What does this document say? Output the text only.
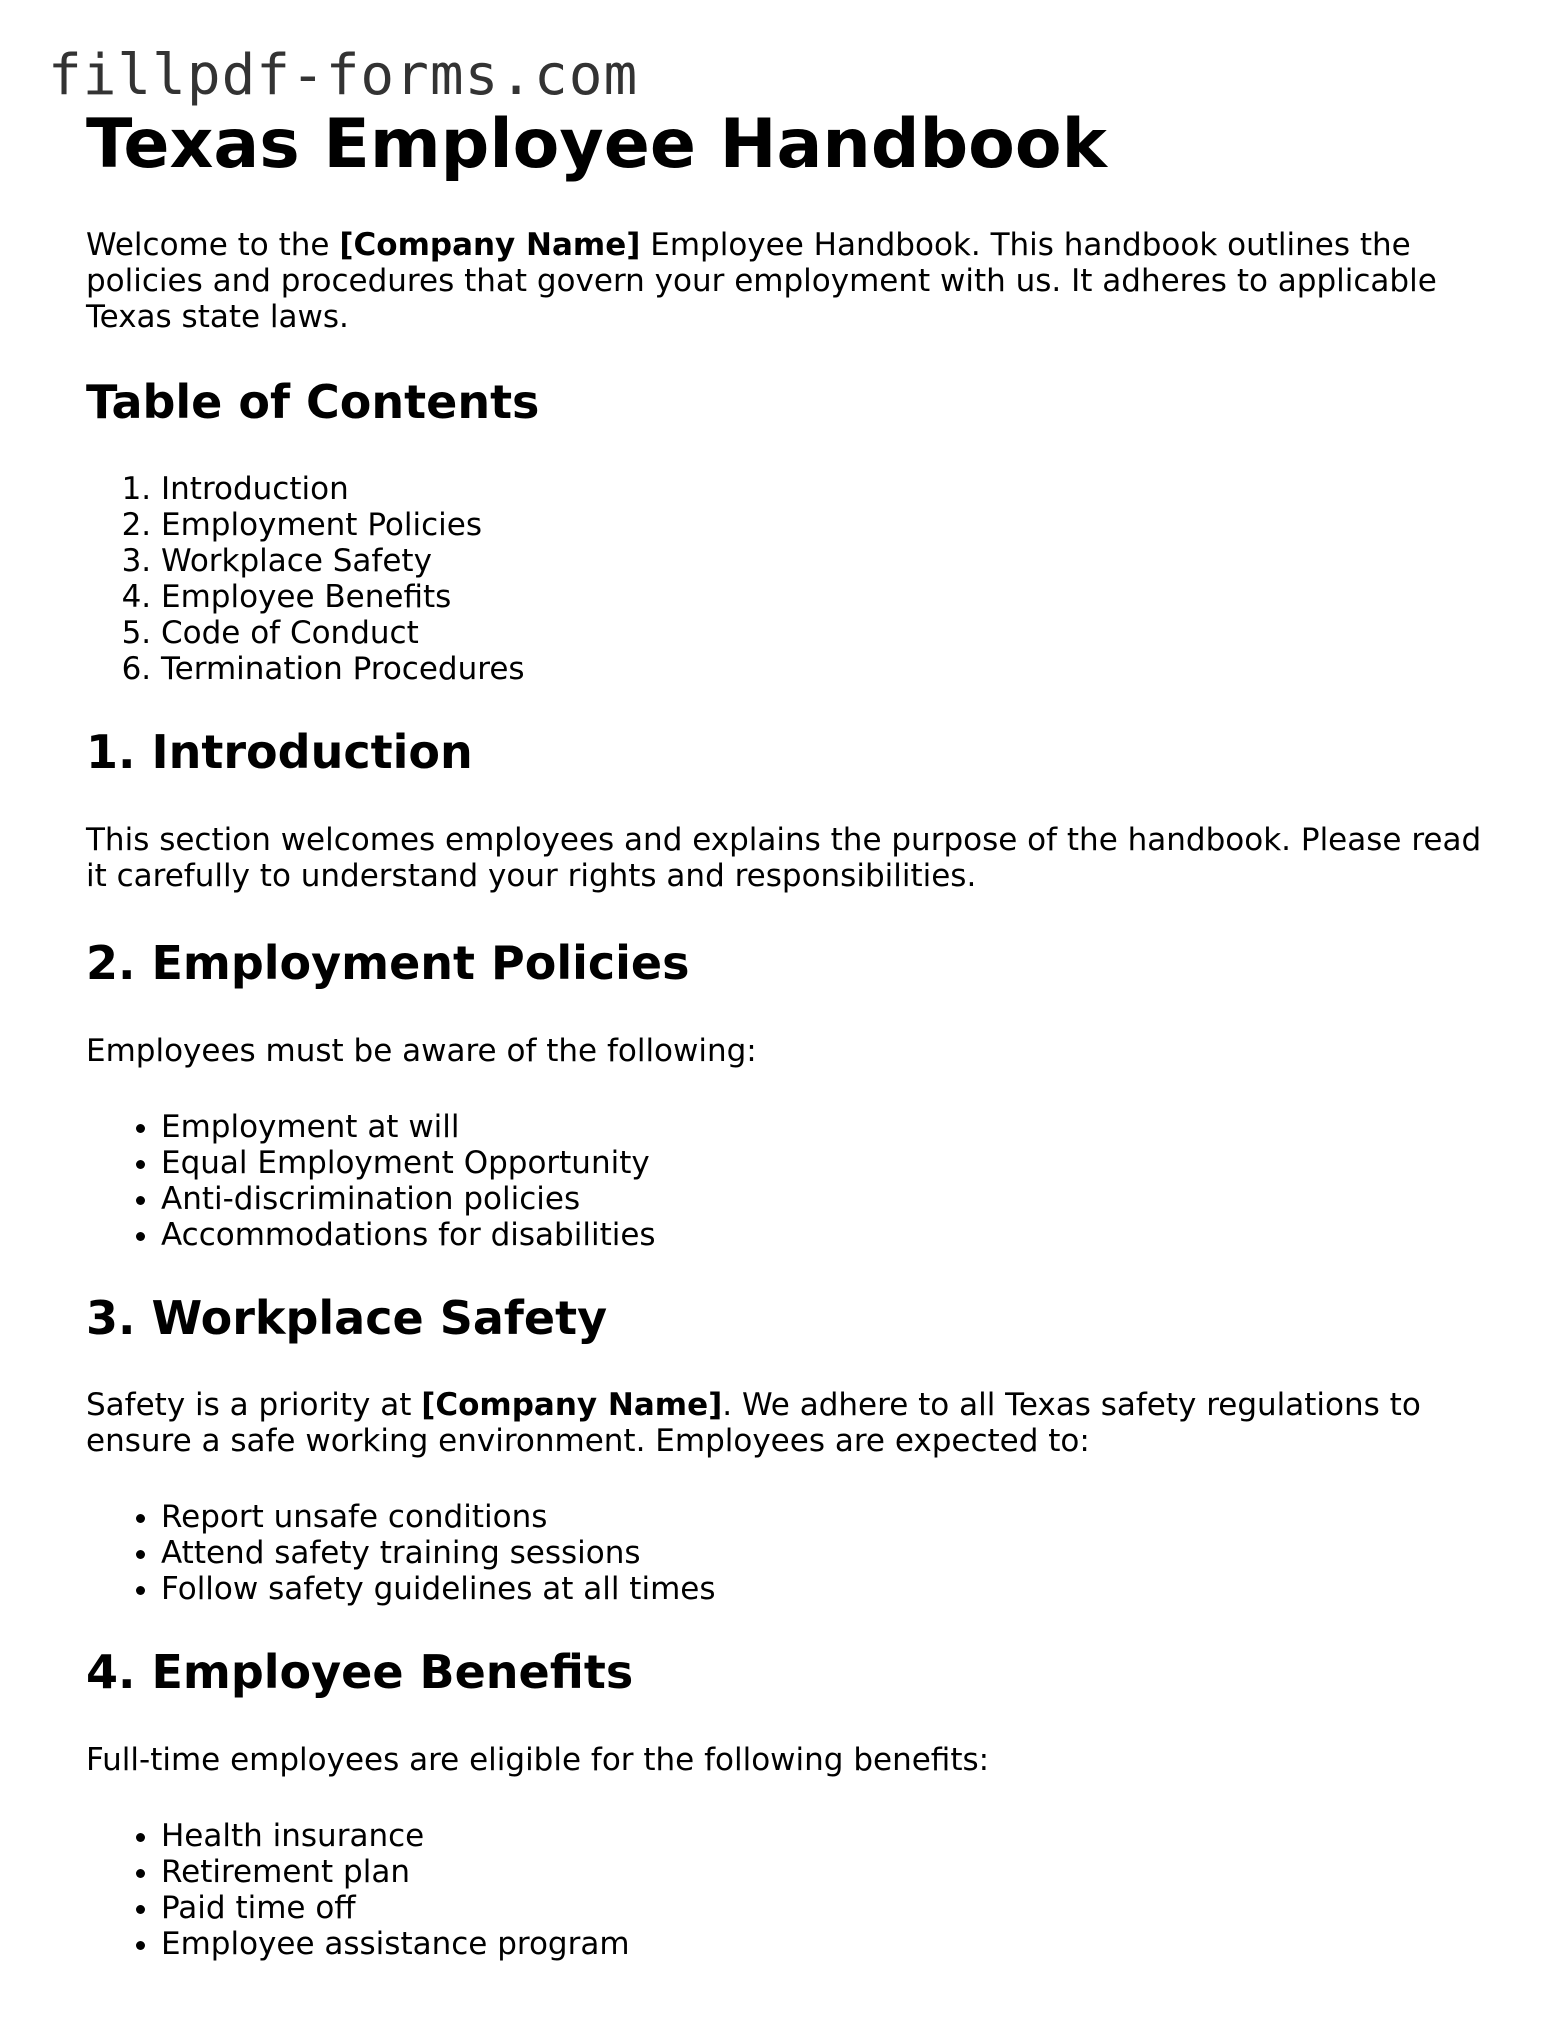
fillpdf-forms.com
Texas Employee Handbook

Welcome to the [Company Name] Employee Handbook. This handbook outlines the policies and procedures that govern your employment with us. It adheres to applicable Texas state laws.

Table of Contents
1. Introduction
2. Employment Policies
3. Workplace Safety
4. Employee Benefits
5. Code of Conduct
6. Termination Procedures
1. Introduction

This section welcomes employees and explains the purpose of the handbook. Please read it carefully to understand your rights and responsibilities.

2. Employment Policies

Employees must be aware of the following:

• Employment at will
• Equal Employment Opportunity
• Anti-discrimination policies
• Accommodations for disabilities
3. Workplace Safety

Safety is a priority at [Company Name]. We adhere to all Texas safety regulations to ensure a safe working environment. Employees are expected to:

• Report unsafe conditions
• Attend safety training sessions
• Follow safety guidelines at all times
4. Employee Benefits

Full-time employees are eligible for the following benefits:

• Health insurance
• Retirement plan
• Paid time off
• Employee assistance program
